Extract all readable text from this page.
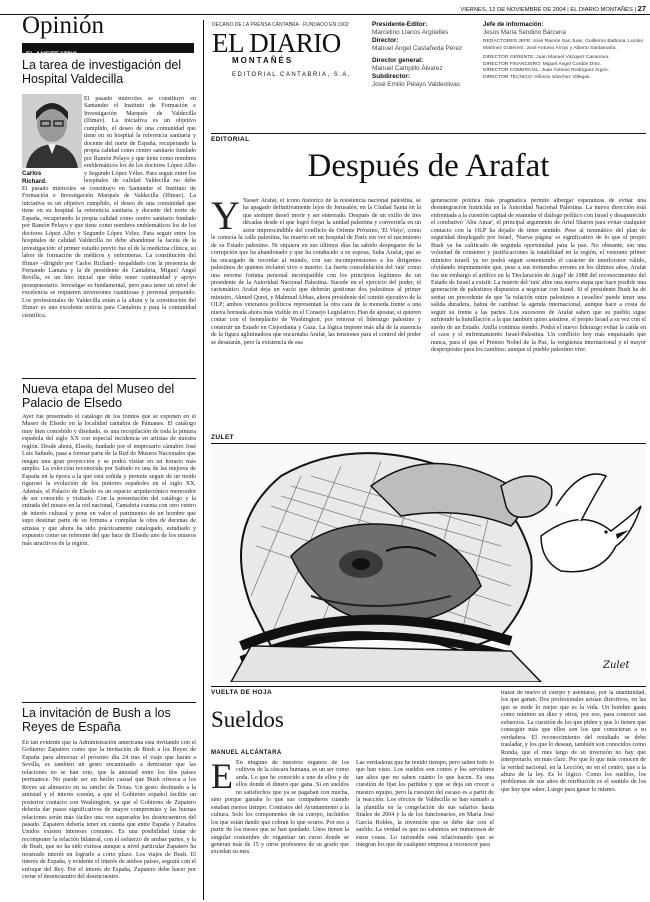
VIERNES, 12 DE NOVIEMBRE DE 2004 | EL DIARIO MONTAÑÉS | 27
Opinión
EL ANFITEATRO
La tarea de investigación del Hospital Valdecilla
Carlos Richard.
El pasado miércoles se constituyó en Santander el Instituto de Formación e Investigación Marqués de Valdecilla (Ifimav). La iniciativa es un objetivo cumplido, el deseo de una comunidad que tiene en su hospital la referencia sanitaria y docente del norte de España, recuperando la propia calidad como centro sanitario fundado por Ramón Pelayo y que tiene como nombres emblemáticos los de los doctores López Albo y Segundo López Vélez. Para seguir entre los hospitales de calidad Valdecilla no debe
El pasado miércoles se constituyó en Santander el Instituto de Formación e Investigación Marqués de Valdecilla (Ifimav). La iniciativa es un objetivo cumplido, el deseo de una comunidad que tiene en su hospital la referencia sanitaria y docente del norte de España, recuperando la propia calidad como centro sanitario fundado por Ramón Pelayo y que tiene como nombres emblemáticos los de los doctores López Albo y Segundo López Vélez. Para seguir entre los hospitales de calidad Valdecilla no debe abandonar la faceta de la investigación: el primer estudio previo fue el de la medicina clínica, su labor de formación de médicos y enfermeras. La constitución del Ifimav –dirigido por Carlos Richard– respaldado con la presencia de Fernando Lamata y la de presidente de Cantabria, Miguel Angel Revilla, es un hito inicial que debe tener continuidad y apoyo presupuestario. Investigar es fundamental, pero para tener un nivel de excelencia se requieren inversiones cuantiosas y personal preparado. Los profesionales de Valdecilla están a la altura y la constitución del Ifimav es una excelente noticia para Cantabria y para la comunidad científica.
Nueva etapa del Museo del Palacio de Elsedo
Ayer fue presentado el catálogo de los fondos que se exponen en el Museo de Elsedo en la localidad cántabra de Pámanes. El catálogo muy bien concebido y diseñado, es una recopilación de toda la pintura española del siglo XX con especial incidencia en artistas de nuestra región. Desde ahora, Elsedo, fundado por el empresario cántabro José Luis Sañudo, pasa a formar parte de la Red de Museos Nacionales que tengan una gran proyección y se podrá visitar en un horario más amplio. La colección reconocida por Sañudo es una de las mejores de España en la época a la que está ceñida y permite seguir de un modo riguroso la evolución de los pintores españoles en el siglo XX. Además, el Palacio de Elsedo es un espacio arquitectónico merecedor de ser conocido y visitado. Con la presentación del catálogo y la entrada del museo en la red nacional, Cantabria cuenta con otro centro de interés cultural y pone en valor el patrimonio de un hombre que supo destinar parte de su fortuna a compilar la obra de decenas de artistas y que ahora ha sido prácticamente catalogado, estudiado y expuesto como un referente del que hace de Elsedo uno de los museos más atractivos de la región.
La invitación de Bush a los Reyes de España
En tan evidente que la Administración americana está invitando con el Gobierno Zapatero como que la invitación de Bush a los Reyes de España para almorzar el próximo día 24 tras el viaje que harán a Sevilla, es también un gesto encaminado a demostrar que las relaciones no se han roto, que la amistad entre los dos países permanece. No puede ser un hecho casual que Bush ofrezca a los Reyes un almuerzo en su rancho de Texas. Un gesto destinado a la amistad y el interés común, a que el Gobierno español facilite un posterior contacto con Washington, ya que el Gobierno de Zapatero debería dar pasos significativos de mayor compromiso y las buenas relaciones serán más fáciles una vez superados los desencuentros del pasado. Zapatero debería tener en cuenta que entre España y Estados Unidos existen intereses comunes. Es una posibilidad tratar de recomponer la relación bilateral, con el esfuerzo de ambas partes, y la de Bush, que no ha sido exitosa aunque a nivel particular Zapatero ha mostrado interés en lograrlo a corto plazo. Los viajes de Bush. El interés de España, y evidente el interés de ambos países, seguirá con el enfoque del Rey. Por el interés de España, Zapatero debe hacer por cerrar el desencuentro del desencuentro.
DECANO DE LA PRENSA CÁNTABRA · FUNDADO EN 1902
EL DIARIO
MONTAÑÉS
EDITORIAL CANTABRIA, S.A.
Presidente-Editor:
Marcelino Llanos Argüelles
Director:
Manuel Ángel Castañeda Pérez
Director general:
Manuel Campillo Álvarez
Subdirector:
José Emilio Pelayo Valdeolivas
Jefe de información:
Jesús María Sendino Bárcena
REDACTORES JEFE: José Ramón San Juan, Guillermo Balbona, Lurdes Martínez Gutiérrez, José Antonio Arrojo y Alberto Santamaría.
DIRECTOR GERENTE: Juan Manuel Vázquez Casanova.
DIRECTOR FINANCIERO: Miguel Ángel Cordón Díez.
DIRECTOR COMERCIAL: Juan Antonio Rodríguez Argos.
DIRECTOR TÉCNICO: Alfonso Sánchez Villegas.
EDITORIAL
Después de Arafat
Y Yasser Arafat, el icono histórico de la resistencia nacional palestina, se ha apagado definitivamente lejos de Jerusalén, en la Ciudad Santa en la que siempre deseó morir y ser enterrado. Después de un exilio de tres décadas desde el que logró forjar la unidad palestina y convertirla en un actor imprescindible del conflicto de Oriente Próximo, 'El Viejo', como le conocía la calle palestina, ha muerto en un hospital de París sin ver el nacimiento de su Estado palestino. Ni siquiera en sus últimos días ha sabido despegarse de la corrupción que ha abandonado y que ha conducido a su esposa, Suha Arafat, que se ha encargado de recordar al mundo, con sus incomprensiones a los dirigentes palestinos de quienes reclamó vivo o muerto. La fuerte consolidación del 'rais' como una enorme fortuna personal incompatible con los principios legítimos de un presidente de la Autoridad Nacional Palestina. Sucede en el ejercicio del poder, el carismático Arafat deja un vacío que deberán gestionar dos palestinos al primer ministro, Ahmed Qurei, y Mahmud Abbas, ahora presidente del comité ejecutivo de la OLP; ambos veteranos políticos representan la otra cara de la moneda frente a una nueva hornada ahora más visible en el Consejo Legislativo. Han de apostar, si quieren contar con el beneplácito de Washington, por renovar el liderazgo palestino y construir un Estado en Cisjordania y Gaza. La lógica impone más allá de la ausencia de la figura aglutinadora que encarnaba Arafat, las tensiones para el control del poder se desatarán, pero la existencia de esa
generación política más pragmática permite albergar esperanzas de evitar una desintegración fratricida en la Autoridad Nacional Palestina. La nueva dirección está enfrentada a la cuestión capital de reanudar el diálogo político con Israel y desaparecido el combativo 'Abu Amar', el principal argumento de Ariel Sharon para evitar cualquier contacto con la OLP ha dejado de tener sentido. Pese al neumático del plan de seguridad desplegado por Israel, 'Nueva página' es significativo de lo que el propio Bush ya ha calificado de segunda oportunidad para la paz. No obstante, sin una voluntad de consenso y justificaciones la estabilidad en la región, el veterano primer ministro israelí ya no podrá seguir sosteniendo el carácter de interlocutor válido, olvidando impunemente que, pese a sus tremendos errores en los últimos años, Arafat fue sin embargo el artífice en la 'Declaración de Argel' de 1988 del reconocimiento del Estado de Israel a existir. La muerte del 'rais' abre una nueva etapa que hace posible una generación de palestinos dispuestos a negociar con Israel. Si el presidente Bush ha de sentar un precedente de que 'la relación entre palestinos e israelíes' puede tener una salida duradera, habrá de cambiar la agenda internacional, aunque hace a costa de seguir su frente a las partes. Los sucesores de Arafat saben que su pueblo sigue sufriendo la humillación a la que también quiso asistirse, el propio Israel a su vez con el sueño de un Estado. Anilla continúa siendo. Podrá el nuevo liderazgo evitar la caída en el caos y el enfrentamiento Israel-Palestina. Un conflicto hoy más enquistado que nunca, para el que el Premio Nobel de la Paz, la vergüenza internacional y el mayor despropósito para los cambios: aunque el pueblo palestino vive.
ZULET
Zulet
VUELTA DE HOJA
Sueldos
MANUEL ALCÁNTARA
E En ninguno de nuestros órganos de los cultivos de la cáscara humana, es un ser como anda. Lo que he conocido a uno de ellos y de ellos donde el dinero que gana. Si en sueldos no satisfechos que ya se pagaban con mucha, sino porque ganaba lo que sus compañeros cuando estaban menos tiempo. Contratos del Ayuntamiento a la cultura. Solo los componentes de su cuerpo, incluidos los que están dando que cobran lo que ocurre. Por eso a partir de los meses que se han quedado. Unos tienen la singular costumbre de organizar un curso donde se generan más de 15 y otros profesores de su grado que excedan su mes.
Las verdaderas que he tenido tiempo, pero saben todo lo que han visto. Los sueldos son cortos y los servidores tan altos que no saben cuánto lo que hacen. Es una cuestión de fijar los partidos y que se deja sin crecer a nuestro equipo, pero la cuestión del escaso es a partir de la reacción. Los efectos de Valdecilla se han sumado a la plantilla en la congelación de sus salarios hasta finales de 2004 y la de los funcionarios, en María José García Robles, la inversión que se debe dar con el sueldo. La verdad es que no sabemos ser numerosos de estos cosas. Lo razonable está relacionando que se integran los que de cualquier empresa a reconocer para
trazar de nuevo el cuerpo y asentarse, por la unanimidad, los que ganan. Dos profesionales actúan directivos, en las que se mide lo mejor que es la vida. Un hombre gasta como mínimo un diez y otros, por eso, para conocer sus esfuerzos. La cuestión de los que piden y que lo tienen que conseguir más que ellos son los que conocieran a su verdadera. El reconocimiento del resultado se debe trasladar, y los que lo desean, también son conocidos como Ronda, que el mes largo de su inversión no hay que interpretarlo, en más claro. Por que lo que más conocen de la verdad nacional, en la Lección, no en el centro, que a la altura de la ley. Es lo lógico. Como los sueldos, los problemas de sus años de retribución es el sentido de los que hay que saber. Luego para ganar lo mismo.
